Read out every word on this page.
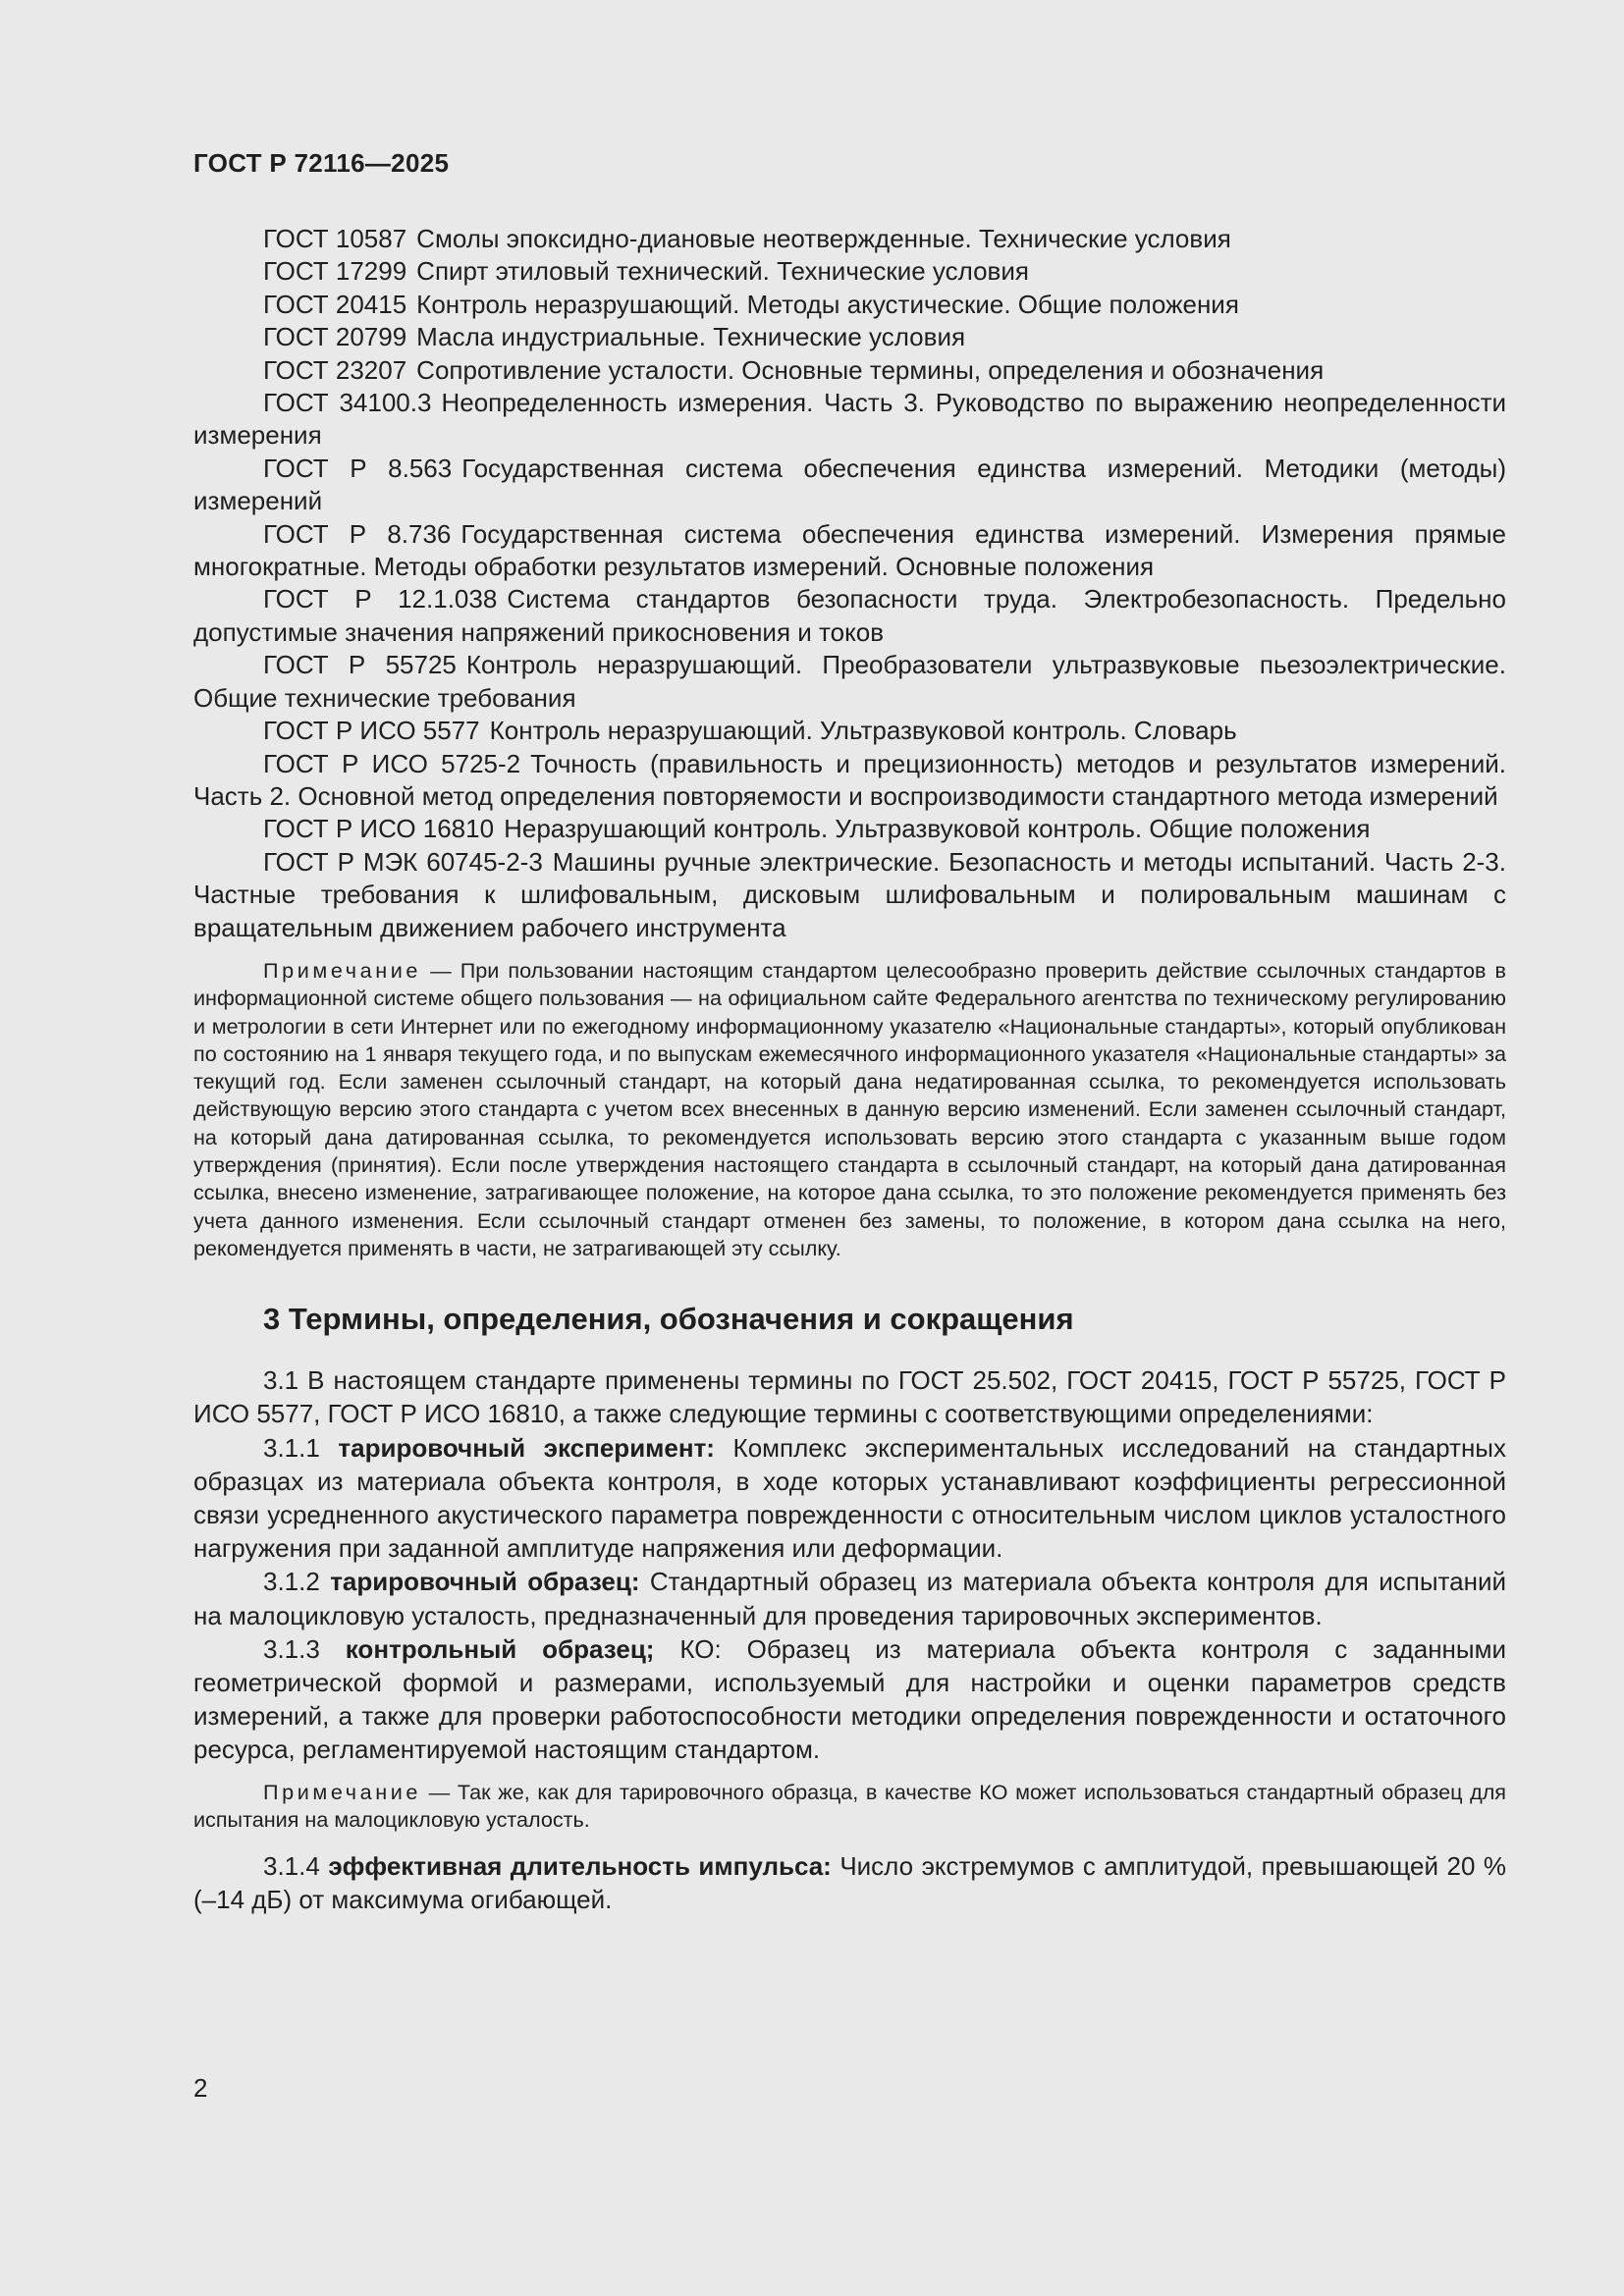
ГОСТ Р 72116—2025

ГОСТ 10587 Смолы эпоксидно-диановые неотвержденные. Технические условия

ГОСТ 17299 Спирт этиловый технический. Технические условия

ГОСТ 20415 Контроль неразрушающий. Методы акустические. Общие положения

ГОСТ 20799 Масла индустриальные. Технические условия

ГОСТ 23207 Сопротивление усталости. Основные термины, определения и обозначения

ГОСТ 34100.3 Неопределенность измерения. Часть 3. Руководство по выражению неопределенности измерения

ГОСТ Р 8.563 Государственная система обеспечения единства измерений. Методики (методы) измерений

ГОСТ Р 8.736 Государственная система обеспечения единства измерений. Измерения прямые многократные. Методы обработки результатов измерений. Основные положения

ГОСТ Р 12.1.038 Система стандартов безопасности труда. Электробезопасность. Предельно допустимые значения напряжений прикосновения и токов

ГОСТ Р 55725 Контроль неразрушающий. Преобразователи ультразвуковые пьезоэлектрические. Общие технические требования

ГОСТ Р ИСО 5577 Контроль неразрушающий. Ультразвуковой контроль. Словарь

ГОСТ Р ИСО 5725-2 Точность (правильность и прецизионность) методов и результатов измерений. Часть 2. Основной метод определения повторяемости и воспроизводимости стандартного метода измерений

ГОСТ Р ИСО 16810 Неразрушающий контроль. Ультразвуковой контроль. Общие положения

ГОСТ Р МЭК 60745-2-3 Машины ручные электрические. Безопасность и методы испытаний. Часть 2-3. Частные требования к шлифовальным, дисковым шлифовальным и полировальным машинам с вращательным движением рабочего инструмента

Примечание — При пользовании настоящим стандартом целесообразно проверить действие ссылочных стандартов в информационной системе общего пользования — на официальном сайте Федерального агентства по техническому регулированию и метрологии в сети Интернет или по ежегодному информационному указателю «Национальные стандарты», который опубликован по состоянию на 1 января текущего года, и по выпускам ежемесячного информационного указателя «Национальные стандарты» за текущий год. Если заменен ссылочный стандарт, на который дана недатированная ссылка, то рекомендуется использовать действующую версию этого стандарта с учетом всех внесенных в данную версию изменений. Если заменен ссылочный стандарт, на который дана датированная ссылка, то рекомендуется использовать версию этого стандарта с указанным выше годом утверждения (принятия). Если после утверждения настоящего стандарта в ссылочный стандарт, на который дана датированная ссылка, внесено изменение, затрагивающее положение, на которое дана ссылка, то это положение рекомендуется применять без учета данного изменения. Если ссылочный стандарт отменен без замены, то положение, в котором дана ссылка на него, рекомендуется применять в части, не затрагивающей эту ссылку.

3 Термины, определения, обозначения и сокращения

3.1 В настоящем стандарте применены термины по ГОСТ 25.502, ГОСТ 20415, ГОСТ Р 55725, ГОСТ Р ИСО 5577, ГОСТ Р ИСО 16810, а также следующие термины с соответствующими определениями:

3.1.1 тарировочный эксперимент: Комплекс экспериментальных исследований на стандартных образцах из материала объекта контроля, в ходе которых устанавливают коэффициенты регрессионной связи усредненного акустического параметра поврежденности с относительным числом циклов усталостного нагружения при заданной амплитуде напряжения или деформации.

3.1.2 тарировочный образец: Стандартный образец из материала объекта контроля для испытаний на малоцикловую усталость, предназначенный для проведения тарировочных экспериментов.

3.1.3 контрольный образец; КО: Образец из материала объекта контроля с заданными геометрической формой и размерами, используемый для настройки и оценки параметров средств измерений, а также для проверки работоспособности методики определения поврежденности и остаточного ресурса, регламентируемой настоящим стандартом.

Примечание — Так же, как для тарировочного образца, в качестве КО может использоваться стандартный образец для испытания на малоцикловую усталость.

3.1.4 эффективная длительность импульса: Число экстремумов с амплитудой, превышающей 20 % (–14 дБ) от максимума огибающей.

2
